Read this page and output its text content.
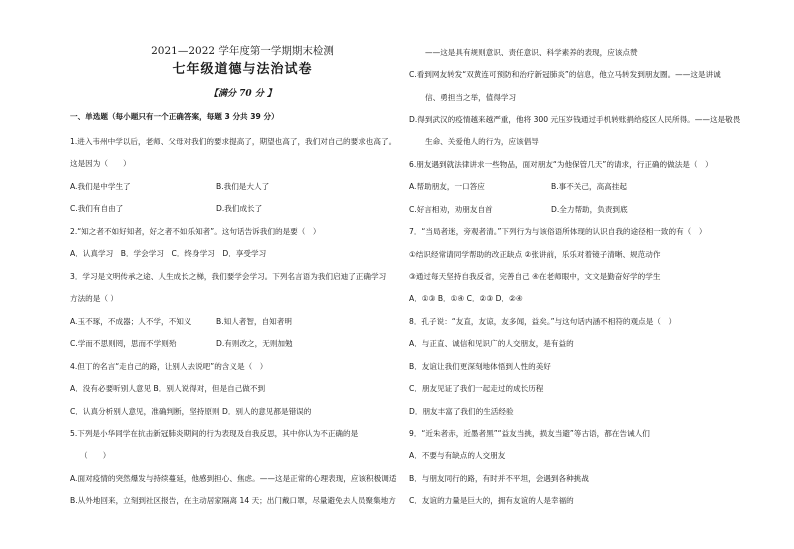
2021—2022 学年度第一学期期末检测
七年级道德与法治试卷
【满分 70 分 】
一、单选题（每小题只有一个正确答案，每题 3 分共 39 分）
1.进入韦州中学以后，老师、父母对我们的要求提高了，期望也高了，我们对自己的要求也高了。
这是因为（　　）
A.我们是中学生了	B.我们是大人了
C.我们有自由了	D.我们成长了
2.“知之者不如好知者，好之者不如乐知者”。这句话告诉我们的是要（　）
A．认真学习　B．学会学习　C．终身学习　D．享受学习
3．学习是文明传承之途、人生成长之梯，我们要学会学习。下列名言语为我们启迪了正确学习
方法的是（ ）
A.玉不琢，不成器；人不学，不知义	B.知人者智，自知者明
C.学而不思则罔，思而不学则殆	D.有则改之，无则加勉
4.但丁的名言“走自己的路，让别人去说吧”的含义是（　）
A．没有必要听别人意见 B．别人说得对，但是自己做不到
C．认真分析别人意见，准确判断，坚持原则 D．别人的意见都是错误的
5.下列是小华同学在抗击新冠肺炎期间的行为表现及自我反思，其中你认为不正确的是
（　　）
A.面对疫情的突然爆发与持续蔓延，他感到担心、焦虑。——这是正常的心理表现，应该积极调适
B.从外地回来，立刻到社区报告，在主动居家隔离 14 天；出门戴口罩，尽量避免去人员聚集地方
——这是具有规则意识、责任意识、科学素养的表现，应该点赞
C.看到网友转发“双黄连可预防和治疗新冠肺炎”的信息，他立马转发到朋友圈。——这是讲诚
信、勇担当之举，值得学习
D.得到武汉的疫情越来越严重，他将 300 元压岁钱通过手机转账捐给疫区人民所得。——这是敬畏
生命、关爱他人的行为，应该倡导
6.朋友遇到就法律讲求一些物品，面对朋友“为他保管几天”的请求，行正确的做法是（　）
A.帮助朋友，一口答应	B.事不关己，高高挂起
C.好言相劝，劝朋友自首	D.全力帮助，负责到底
7．“当局者迷，旁观者清。”下列行为与该俗语所体现的认识自我的途径相一致的有（　）
①结识经常请同学帮助的改正缺点 ②张讲前，乐乐对着镜子清晰、规范动作
③通过每天坚持自我反省，完善自己 ④在老师眼中，文文是勤奋好学的学生
A．①③ B．①④ C．②③ D．②④
8．孔子说：“友直，友谅，友多闻，益矣。”与这句话内涵不相符的观点是（　）
A．与正直、诚信和见识广的人交朋友，是有益的
B．友谊让我们更深刻地体悟到人性的美好
C．朋友见证了我们一起走过的成长历程
D．朋友丰富了我们的生活经验
9．“近朱者赤，近墨者黑”“益友当挑，损友当避”等古语，都在告诫人们
A．不要与有缺点的人交朋友
B．与朋友同行的路，有时并不平坦，会遇到各种挑战
C．友谊的力量是巨大的，拥有友谊的人是幸福的
